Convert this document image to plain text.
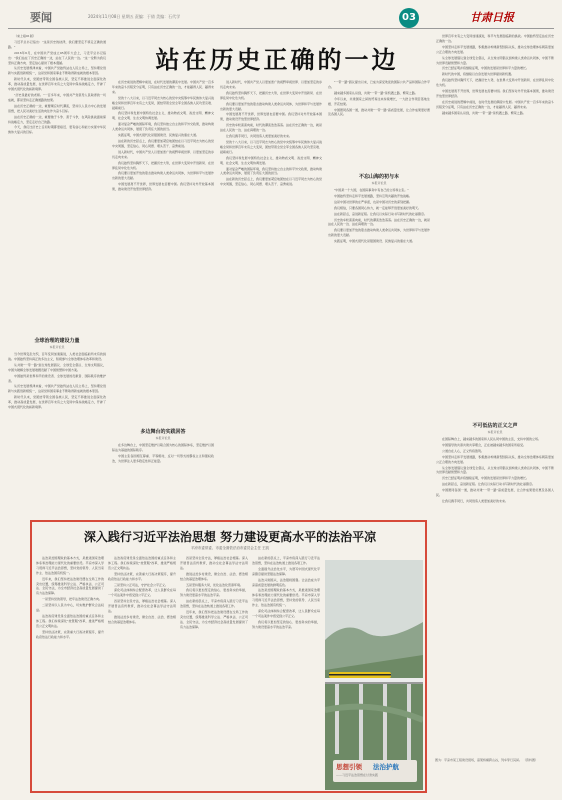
要闻	2024年11月08日 星期五 责编：于倩 美编：石代学	03	甘肃日报

（来上接01版）

习近平总书记指出："这是历史的抉择，我们要坚定不移走正确的道路。"

2016年6月，在中国共产党成立95周年大会上，习近平总书记指出："我们站在了历史正确的一边，站在了人民的一边。"这一论断为我们坚持正确方向、坚定信心提供了根本遵循。

从历史发展规律来看，中国共产党始终站在人民立场上，坚持理论创新与实践创新相统一，这是党和国家事业不断取得新成就的根本原因。

新时代以来，党团结带领全国各族人民，坚定不移推进全面深化改革，推动高质量发展，在世界百年未有之大变局中保持战略定力，开辟了中国式现代化的崭新境界。

"历史是最好的老师。"一百多年来，中国共产党领导人民取得的一切成就，都是坚持走正确道路的结果。

站在历史正确的一边，就要顺应时代潮流，坚持以人民为中心的发展思想，把人民对美好生活的向往作为奋斗目标。

站在历史正确的一边，就要敢于斗争、善于斗争，在风险挑战面前保持战略定力，坚定走好自己的路。

今天，我们比历史上任何时期都更接近、更有信心和能力实现中华民族伟大复兴的目标。

全球治理的建设力量
本报评论员

当今世界变乱交织，百年变局加速演进，人类社会面临前所未有的挑战。中国始终坚持真正的多边主义，积极参与全球治理体系改革和建设。

从共建"一带一路"到全球发展倡议、全球安全倡议、全球文明倡议，中国为破解全球发展难题贡献了中国智慧和中国方案。

中国始终是世界和平的建设者、全球发展的贡献者、国际秩序的维护者。

从历史发展规律来看，中国共产党始终站在人民立场上，坚持理论创新与实践创新相统一，这是党和国家事业不断取得新成就的根本原因。

新时代以来，党团结带领全国各族人民，坚定不移推进全面深化改革，推动高质量发展，在世界百年未有之大变局中保持战略定力，开辟了中国式现代化的崭新境界。

站在历史正确的一边

在历史前进的逻辑中前进，在时代发展的潮流中发展。中国共产党一百多年来的奋斗历程充分证明，只有站在历史正确的一边，才能赢得人民、赢得未来。

党的十八大以来，以习近平同志为核心的党中央统筹中华民族伟大复兴战略全局和世界百年未有之大变局，团结带领全党全军全国各族人民攻坚克难、砥砺前行。

我们坚持和发展中国特色社会主义，推动物质文明、政治文明、精神文明、社会文明、生态文明协调发展。

面对复杂严峻的国际环境，我们坚持独立自主的和平外交政策，推动构建人类命运共同体，展现了负责任大国的担当。

实践证明，中国式现代化是强国建设、民族复兴的康庄大道。

站在新的历史起点上，我们要更加紧密地团结在以习近平同志为核心的党中央周围，坚定信心、同心同德、埋头苦干、奋勇前进。

进入新时代，中国共产党人以更加宽广的视野审视世界、以更加坚定的步伐走向未来。

我们始终坚持胸怀天下，把握历史大势，在世界大变局中开创新局、在世界乱局中化危为机。

我们要以更加开放的姿态推动构建人类命运共同体，为世界和平与发展作出新的更大贡献。

中国发展离不开世界，世界发展也需要中国。我们坚持对外开放基本国策，推动建设开放型世界经济。

多边舞台的实践回答
本报评论员

在多边舞台上，中国坚定维护以联合国为核心的国际体系，坚定维护以国际法为基础的国际秩序。

中国主张各国相互尊重、平等相待，反对一切形式的霸权主义和强权政治，为世界注入更多稳定性和正能量。

进入新时代，中国共产党人以更加宽广的视野审视世界、以更加坚定的步伐走向未来。

我们始终坚持胸怀天下，把握历史大势，在世界大变局中开创新局、在世界乱局中化危为机。

我们要以更加开放的姿态推动构建人类命运共同体，为世界和平与发展作出新的更大贡献。

中国发展离不开世界，世界发展也需要中国。我们坚持对外开放基本国策，推动建设开放型世界经济。

历史的车轮滚滚向前，时代的潮流浩浩荡荡。站在历史正确的一边，就是站在人民的一边、站在真理的一边。

让我们携手同行，共同创造人类更加美好的未来。

党的十八大以来，以习近平同志为核心的党中央统筹中华民族伟大复兴战略全局和世界百年未有之大变局，团结带领全党全军全国各族人民攻坚克难、砥砺前行。

我们坚持和发展中国特色社会主义，推动物质文明、政治文明、精神文明、社会文明、生态文明协调发展。

面对复杂严峻的国际环境，我们坚持独立自主的和平外交政策，推动构建人类命运共同体，展现了负责任大国的担当。

站在新的历史起点上，我们要更加紧密地团结在以习近平同志为核心的党中央周围，坚定信心、同心同德、埋头苦干、奋勇前进。

"一带一路"倡议提出以来，已成为深受欢迎的国际公共产品和国际合作平台。

越来越多国家认识到，共建"一带一路"是机遇之路、繁荣之路。

今年以来，共建国家之间的贸易往来持续增长，一大批合作项目落地生根、开花结果。

中国愿同各国一道，推动共建"一带一路"高质量发展，让合作成果更好惠及各国人民。

不忘山海的初与本
本报评论员

"中国是一个大国，在国际事务中有自己的立场和主张。"

中国始终坚持走和平发展道路，坚持互利共赢的开放战略。

这是中国对世界的庄严承诺，也是中国对历史的深刻把握。

我们相信，只要各国同心协力，就一定能够开创更加美好的明天。

站在新起点，奋进新征程。让我们以实际行动书写新时代的壮丽篇章。

历史的车轮滚滚向前，时代的潮流浩浩荡荡。站在历史正确的一边，就是站在人民的一边、站在真理的一边。

我们要以更加开放的姿态推动构建人类命运共同体，为世界和平与发展作出新的更大贡献。

实践证明，中国式现代化是强国建设、民族复兴的康庄大道。

世界百年未有之大变局加速演进，和平与发展面临新的挑战。中国始终坚定站在历史正确的一边。

中国坚持走和平发展道路，积极推动构建新型国际关系，推动全球治理体系朝着更加公正合理的方向发展。

从全球发展倡议到全球安全倡议，从全球文明倡议到构建人类命运共同体，中国不断为世界贡献智慧和力量。

历史已经证明并将继续证明，中国的发展是世界和平力量的增长。

新时代的中国，将继续以自身发展为世界提供新机遇。

我们始终坚持胸怀天下，把握历史大势，在世界大变局中开创新局、在世界乱局中化危为机。

中国发展离不开世界，世界发展也需要中国。我们坚持对外开放基本国策，推动建设开放型世界经济。

在历史前进的逻辑中前进，在时代发展的潮流中发展。中国共产党一百多年来的奋斗历程充分证明，只有站在历史正确的一边，才能赢得人民、赢得未来。

越来越多国家认识到，共建"一带一路"是机遇之路、繁荣之路。

不可低估的正义之声
本报评论员

在国际舞台上，越来越多的国家和人民认同中国的主张，支持中国的立场。

中国倡导的共商共建共享理念，正在被越来越多的国家所接受。

公道自在人心，正义终将胜利。

中国坚持走和平发展道路，积极推动构建新型国际关系，推动全球治理体系朝着更加公正合理的方向发展。

从全球发展倡议到全球安全倡议，从全球文明倡议到构建人类命运共同体，中国不断为世界贡献智慧和力量。

历史已经证明并将继续证明，中国的发展是世界和平力量的增长。

站在新起点，奋进新征程。让我们以实际行动书写新时代的壮丽篇章。

中国愿同各国一道，推动共建"一带一路"高质量发展，让合作成果更好惠及各国人民。

让我们携手同行，共同创造人类更加美好的未来。

图为：平凉市某工程建设现场，高架桥横跨山谷，列车穿行其间。 （资料图）
深入践行习近平法治思想 努力建设更高水平的法治平凉
平凉市委常委、市委全面依法治市委员会主任 王凯

法治是治国理政的基本方式，是推进国家治理体系和治理能力现代化的重要依托。平凉市深入学习贯彻习近平法治思想，坚持党的领导、人民当家作主、依法治国有机统一。

近年来，我们坚持把法治建设摆在全局工作的突出位置，统筹推进科学立法、严格执法、公正司法、全民守法，为全市经济社会高质量发展提供了有力法治保障。

一是坚持党的领导，把牢法治建设正确方向。

二是坚持以人民为中心，切实维护群众合法权益。

法治政府建设是全面依法治国的重点任务和主体工程。我们持续深化"放管服"改革，推进严格规范公正文明执法。

坚持依法决策，完善重大行政决策程序，提升政府依法行政能力和水平。

法治政府建设是全面依法治国的重点任务和主体工程。我们持续深化"放管服"改革，推进严格规范公正文明执法。

坚持依法决策，完善重大行政决策程序，提升政府依法行政能力和水平。

三是坚持公正司法，守护社会公平正义。

深化司法体制综合配套改革，让人民群众在每一个司法案件中感受到公平正义。

四是坚持全民守法，厚植法治社会根基。深入开展普法宣传教育，推动全社会尊法学法守法用法。

推进法治乡村建设，健全自治、法治、德治相结合的基层治理体系。

四是坚持全民守法，厚植法治社会根基。深入开展普法宣传教育，推动全社会尊法学法守法用法。

推进法治乡村建设，健全自治、法治、德治相结合的基层治理体系。

五是坚持服务大局，优化法治化营商环境。

我们将以更加坚定的信心、更加务实的举措，努力建设更高水平的法治平凉。

站在新的起点上，平凉市将深入践行习近平法治思想，坚持在法治轨道上推进各项工作。

近年来，我们坚持把法治建设摆在全局工作的突出位置，统筹推进科学立法、严格执法、公正司法、全民守法，为全市经济社会高质量发展提供了有力法治保障。

站在新的起点上，平凉市将深入践行习近平法治思想，坚持在法治轨道上推进各项工作。

全面提升法治化水平，为谱写中国式现代化平凉篇章提供坚强法治保障。

法治兴则国兴，法治强则国强。让法治成为平凉高质量发展的鲜明底色。

法治是治国理政的基本方式，是推进国家治理体系和治理能力现代化的重要依托。平凉市深入学习贯彻习近平法治思想，坚持党的领导、人民当家作主、依法治国有机统一。

深化司法体制综合配套改革，让人民群众在每一个司法案件中感受到公平正义。

我们将以更加坚定的信心、更加务实的举措，努力建设更高水平的法治平凉。

思想引领 法治护航
——习近平法治思想在甘肃实践
